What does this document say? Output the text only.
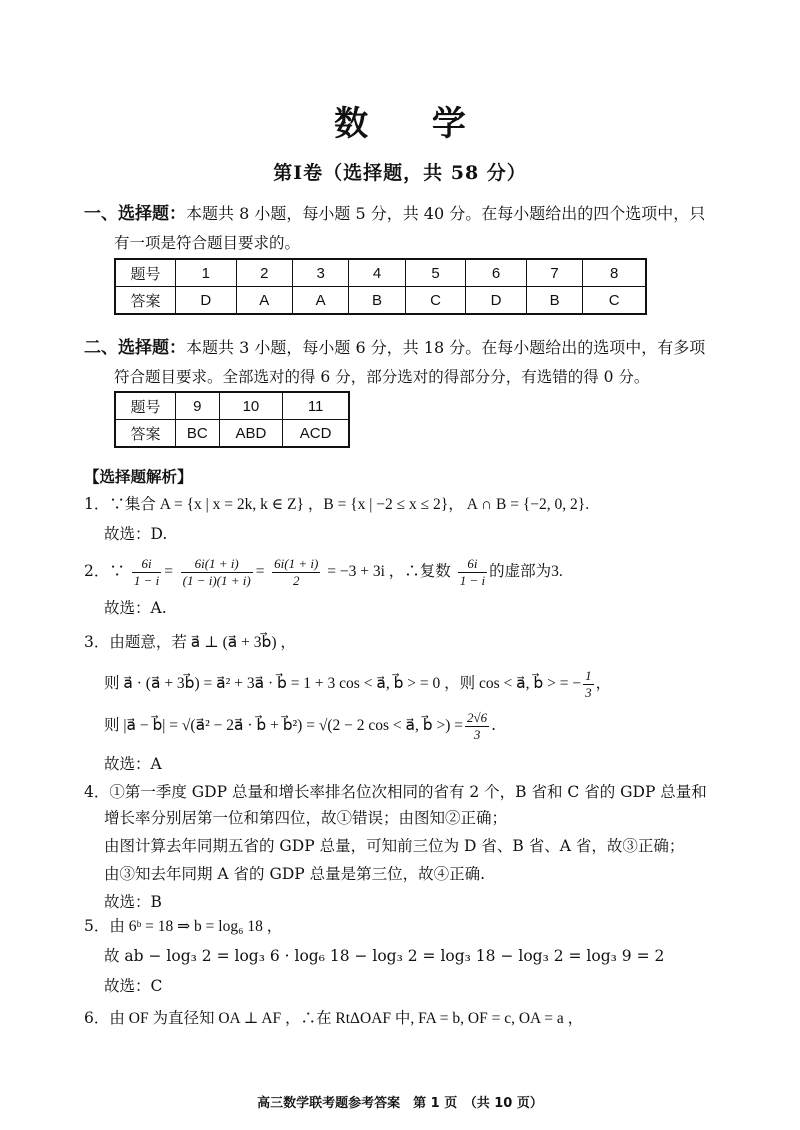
数 学
第Ⅰ卷（选择题，共 58 分）
一、选择题：本题共 8 小题，每小题 5 分，共 40 分。在每小题给出的四个选项中，只
有一项是符合题目要求的。
题号	1	2	3	4	5	6	7	8
答案	D	A	A	B	C	D	B	C
二、选择题：本题共 3 小题，每小题 6 分，共 18 分。在每小题给出的选项中，有多项
符合题目要求。全部选对的得 6 分，部分选对的得部分分，有选错的得 0 分。
题号	9	10	11
答案	BC	ABD	ACD
【选择题解析】
1．∵集合 A = {x | x = 2k, k ∈ Z} ，B = {x | −2 ≤ x ≤ 2}， A ∩ B = {−2, 0, 2}.
故选：D.
2．∵ $\frac{6i}{1 - i} = \frac{6i(1 + i)}{(1 - i)(1 + i)} = \frac{6i(1 + i)}{2} = -3 + 3i$ ，∴复数 $\frac{6i}{1 - i}$ 的虚部为3.
故选：A.
3．由题意，若 a⃗ ⊥ (a⃗ + 3b⃗) ，
则 a⃗ · (a⃗ + 3b⃗) = a⃗² + 3a⃗ · b⃗ = 1 + 3 cos < a⃗, b⃗ > = 0 ，则 cos < a⃗, b⃗ > = − $\frac{1}{3}$ ，
则 |a⃗ − b⃗| = √(a⃗² − 2a⃗ · b⃗ + b⃗²) = √(2 − 2 cos < a⃗, b⃗ >) = $\frac{2√6}{3}$ .
故选：A
4．①第一季度 GDP 总量和增长率排名位次相同的省有 2 个，B 省和 C 省的 GDP 总量和
增长率分别居第一位和第四位，故①错误；由图知②正确；
由图计算去年同期五省的 GDP 总量，可知前三位为 D 省、B 省、A 省，故③正确；
由③知去年同期 A 省的 GDP 总量是第三位，故④正确.
故选：B
5．由 6ᵇ = 18 ⇒ b = log₆ 18 ，
故 ab − log₃ 2 = log₃ 6 · log₆ 18 − log₃ 2 = log₃ 18 − log₃ 2 = log₃ 9 = 2
故选：C
6．由 OF 为直径知 OA ⊥ AF ，∴在 RtΔOAF 中, FA = b, OF = c, OA = a ，
高三数学联考题参考答案　第 1 页　（共 10 页）
